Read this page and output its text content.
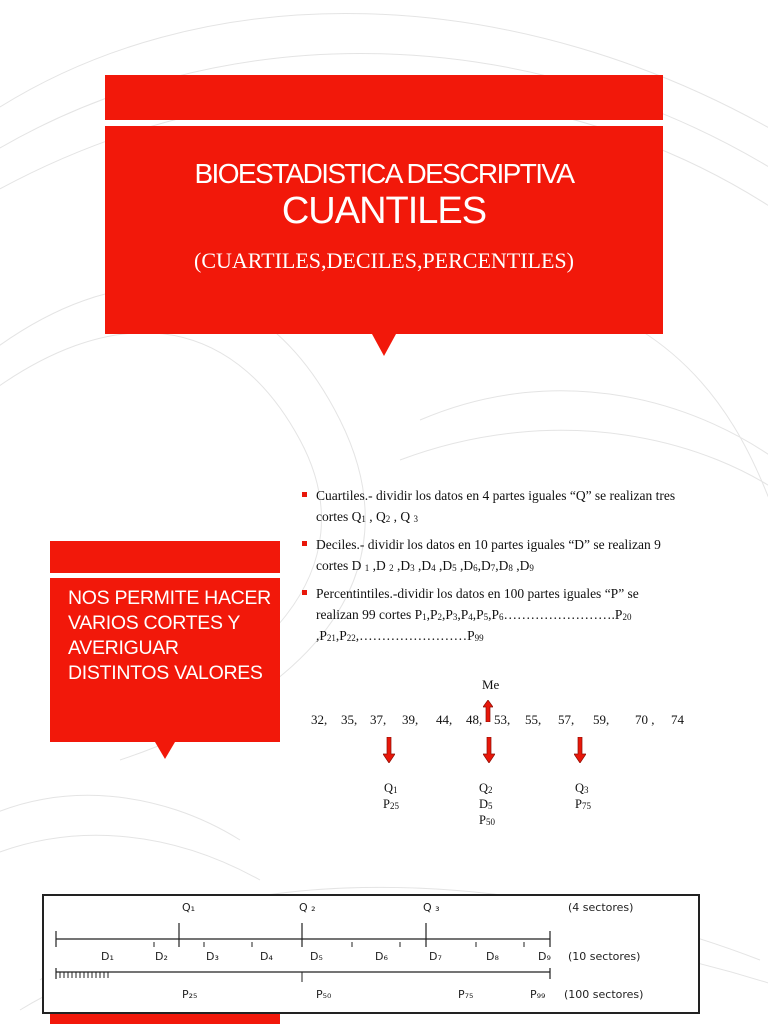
BIOESTADISTICA DESCRIPTIVA
CUANTILES
(CUARTILES,DECILES,PERCENTILES)
NOS PERMITE HACER VARIOS CORTES Y AVERIGUAR DISTINTOS VALORES
Cuartiles.- dividir los datos en 4 partes iguales “Q” se realizan tres cortes $Q_1$ , $Q_2$ , Q $_3$
Deciles.- dividir los datos en 10 partes iguales “D” se realizan 9 cortes D $_1$ ,D $_2$ $,D_3$ $,D_4$ $,D_5$ $,D_6,D_7,D_8$ $,D_9$
Percentintiles.-dividir los datos en 100 partes iguales “P” se realizan 99 cortes $P_1,P_2,P_3,P_4,P_5,P_6\dots\dots\dots\dots\dots\dots\dots\dots.P_{20}$ $,P_{21},P_{22},\dots\dots\dots\dots\dots\dots\dots\dots P_{99}$
Me
32, 35, 37, 39, 44, 48, 53, 55, 57, 59, 70 , 74
$Q_1$
$P_{25}$
$Q_2$
$D_5$
$P_{50}$
$Q_3$
$P_{75}$
Q₁	Q ₂	Q ₃
D₁	D₂	D₃	D₄	D₅	D₆	D₇	D₈	D₉
P₂₅	P₅₀	P₇₅	P₉₉
(4 sectores)
(10 sectores)
(100 sectores)
